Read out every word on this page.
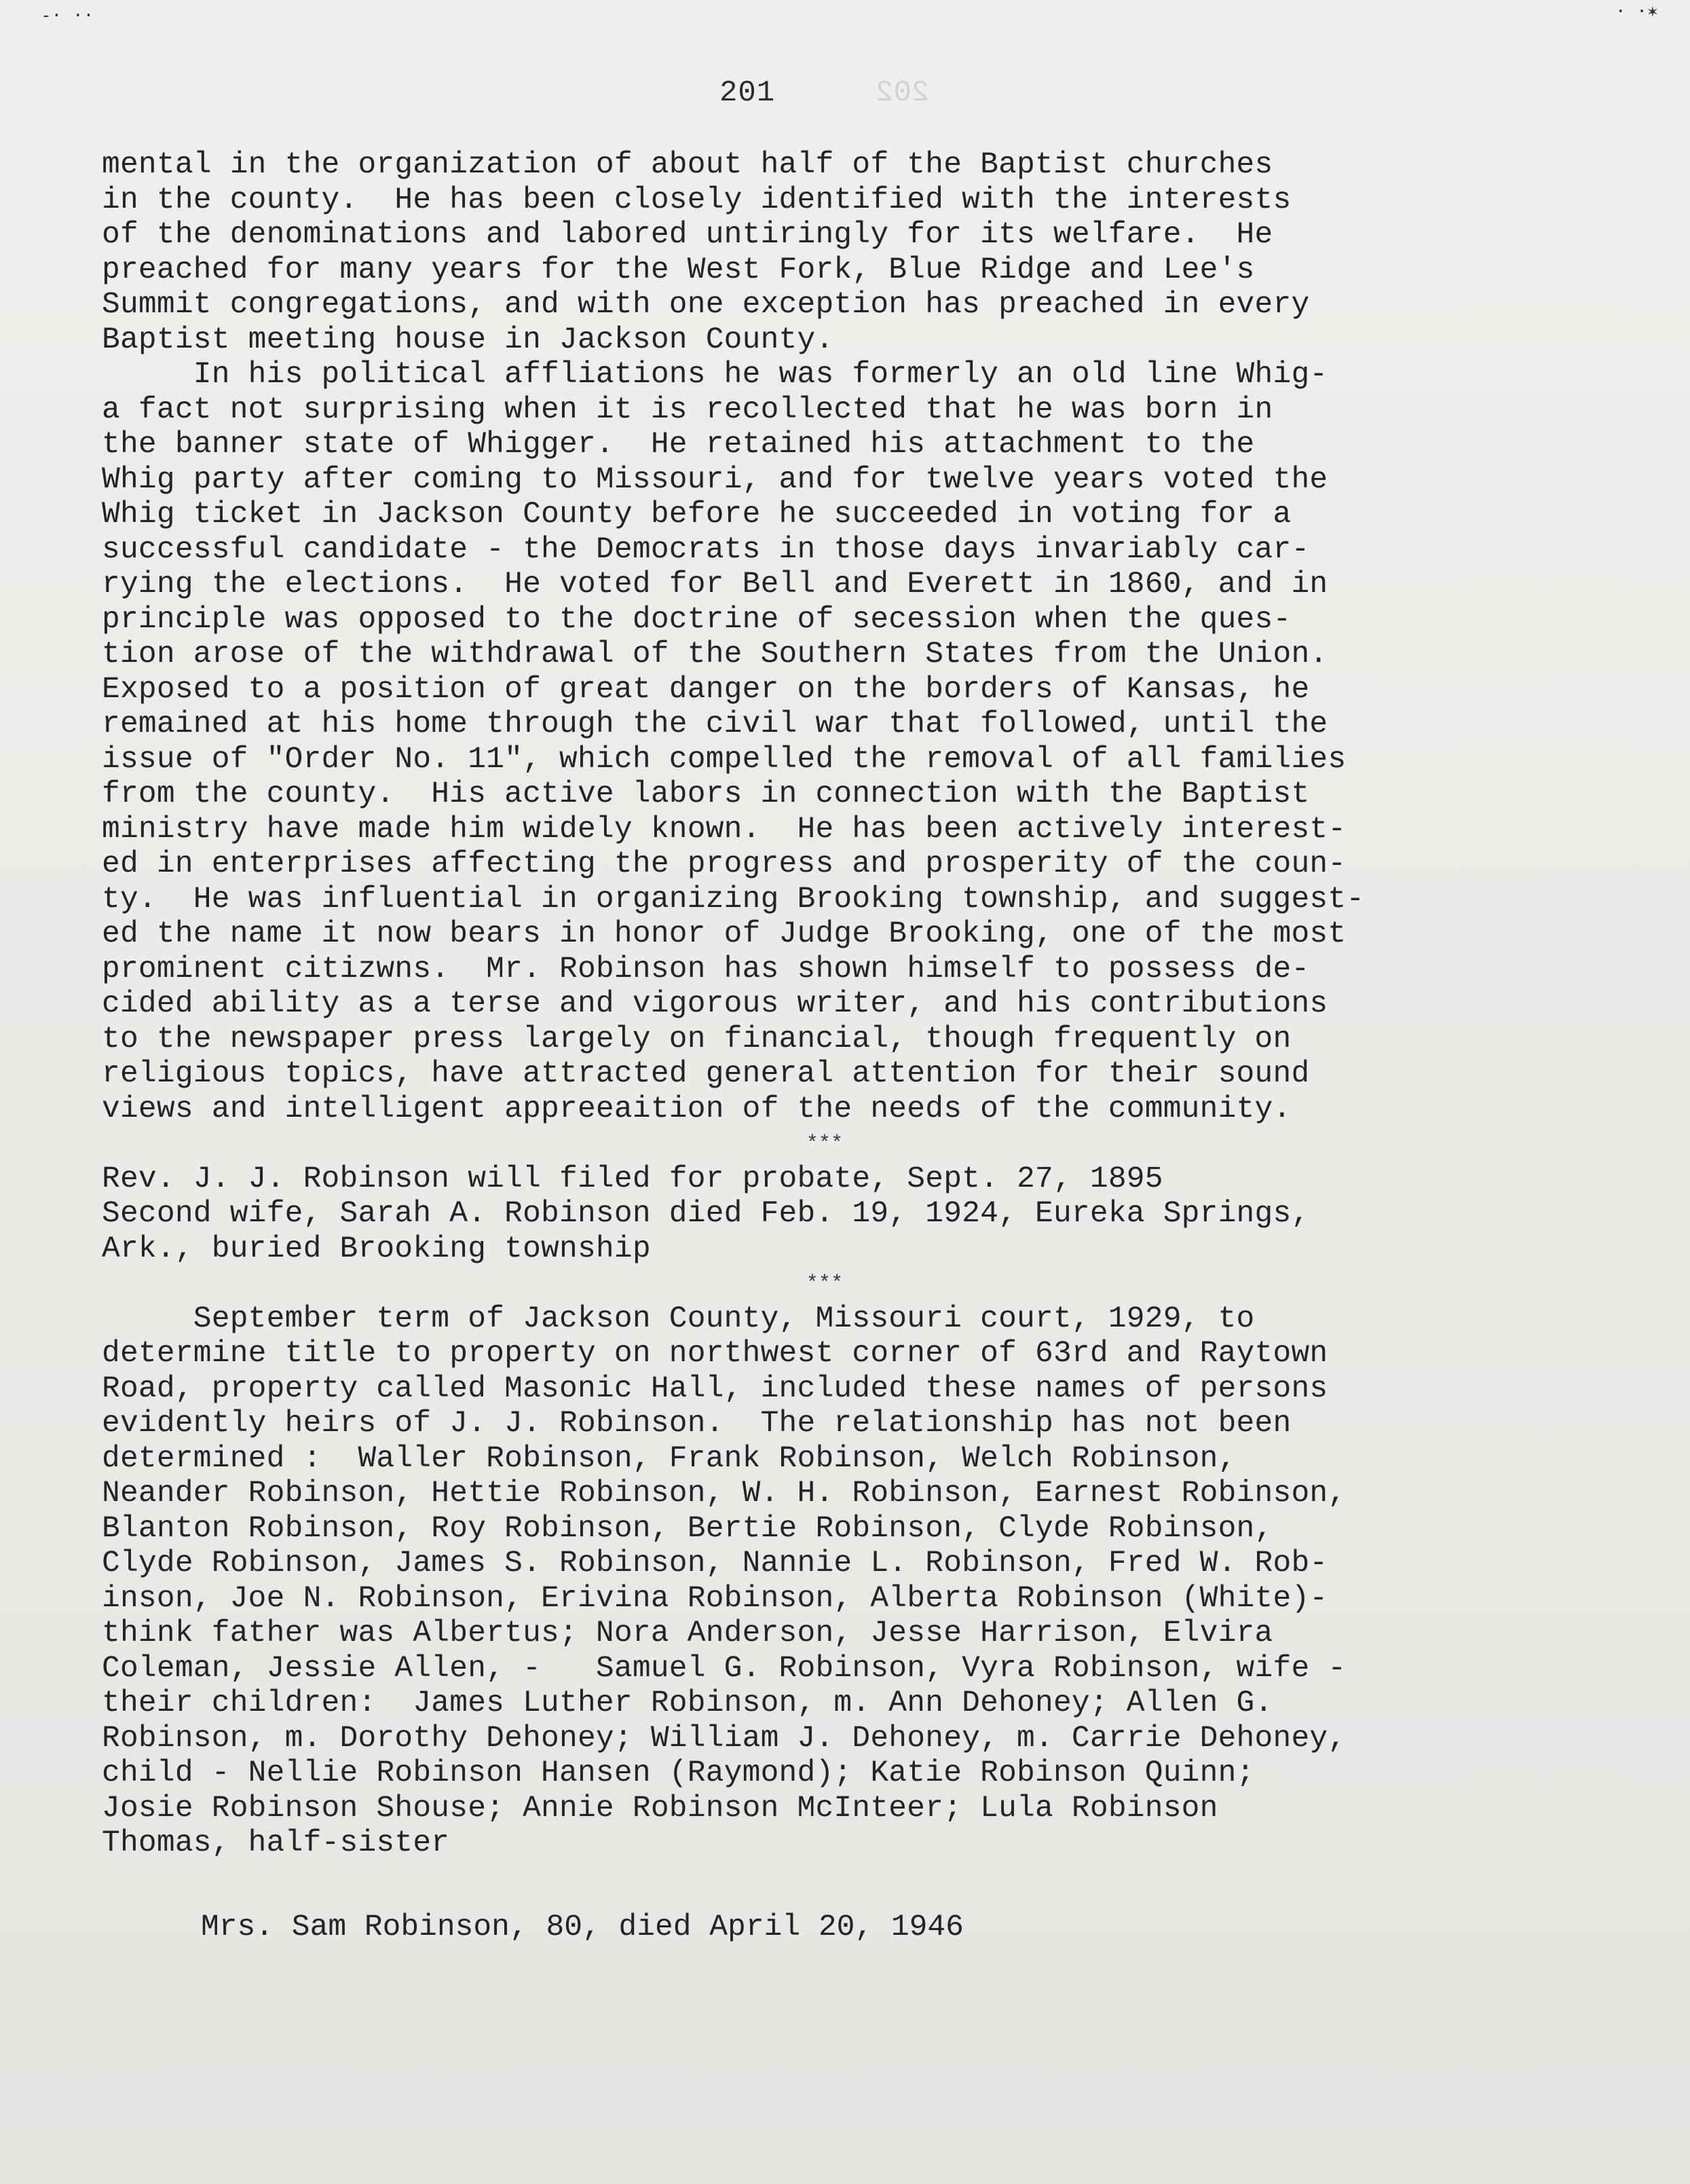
-· ··	· ·✶
201	202
mental in the organization of about half of the Baptist churches
in the county.  He has been closely identified with the interests
of the denominations and labored untiringly for its welfare.  He
preached for many years for the West Fork, Blue Ridge and Lee's
Summit congregations, and with one exception has preached in every
Baptist meeting house in Jackson County.
In his political affliations he was formerly an old line Whig-
a fact not surprising when it is recollected that he was born in
the banner state of Whigger.  He retained his attachment to the
Whig party after coming to Missouri, and for twelve years voted the
Whig ticket in Jackson County before he succeeded in voting for a
successful candidate - the Democrats in those days invariably car-
rying the elections.  He voted for Bell and Everett in 1860, and in
principle was opposed to the doctrine of secession when the ques-
tion arose of the withdrawal of the Southern States from the Union.
Exposed to a position of great danger on the borders of Kansas, he
remained at his home through the civil war that followed, until the
issue of "Order No. 11", which compelled the removal of all families
from the county.  His active labors in connection with the Baptist
ministry have made him widely known.  He has been actively interest-
ed in enterprises affecting the progress and prosperity of the coun-
ty.  He was influential in organizing Brooking township, and suggest-
ed the name it now bears in honor of Judge Brooking, one of the most
prominent citizwns.  Mr. Robinson has shown himself to possess de-
cided ability as a terse and vigorous writer, and his contributions
to the newspaper press largely on financial, though frequently on
religious topics, have attracted general attention for their sound
views and intelligent appreeaition of the needs of the community.
***
Rev. J. J. Robinson will filed for probate, Sept. 27, 1895
Second wife, Sarah A. Robinson died Feb. 19, 1924, Eureka Springs,
Ark., buried Brooking township
***
September term of Jackson County, Missouri court, 1929, to
determine title to property on northwest corner of 63rd and Raytown
Road, property called Masonic Hall, included these names of persons
evidently heirs of J. J. Robinson.  The relationship has not been
determined :  Waller Robinson, Frank Robinson, Welch Robinson,
Neander Robinson, Hettie Robinson, W. H. Robinson, Earnest Robinson,
Blanton Robinson, Roy Robinson, Bertie Robinson, Clyde Robinson,
Clyde Robinson, James S. Robinson, Nannie L. Robinson, Fred W. Rob-
inson, Joe N. Robinson, Erivina Robinson, Alberta Robinson (White)-
think father was Albertus; Nora Anderson, Jesse Harrison, Elvira
Coleman, Jessie Allen, -   Samuel G. Robinson, Vyra Robinson, wife -
their children:  James Luther Robinson, m. Ann Dehoney; Allen G.
Robinson, m. Dorothy Dehoney; William J. Dehoney, m. Carrie Dehoney,
child - Nellie Robinson Hansen (Raymond); Katie Robinson Quinn;
Josie Robinson Shouse; Annie Robinson McInteer; Lula Robinson
Thomas, half-sister
Mrs. Sam Robinson, 80, died April 20, 1946
